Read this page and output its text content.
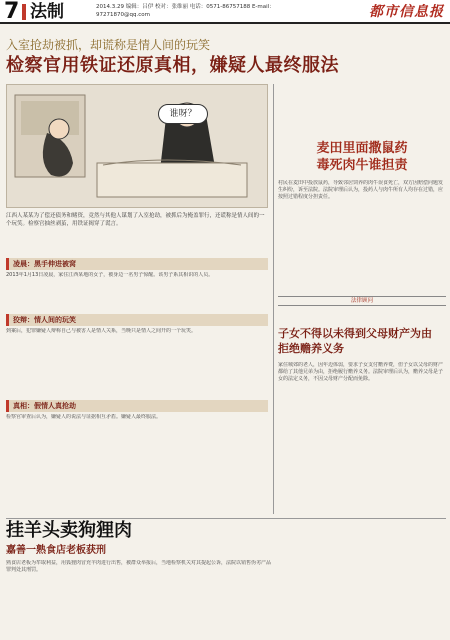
7 法制	2014.3.29 编辑：吕伊 校对：张维丽 电话：0571-86757188 E-mail：97271870@qq.com	都市信息报
入室抢劫被抓，却谎称是情人间的玩笑
检察官用铁证还原真相，嫌疑人最终服法
谁呀？
江西人某某为了偿还债务和赌资，竟然与其他人谋划了入室抢劫，被抓后为掩盖罪行，还谎称是情人间的一个玩笑。检察官抽丝剥茧，用铁证揭穿了谎言。
凌晨：黑手伸进被窝
2013年1月13日凌晨，家住江西某地的女子，被身边一名男子惊醒。该男子系其相识的人员。
狡辩：情人间的玩笑
到案后，犯罪嫌疑人辩称自己与被害人是情人关系，当晚只是情人之间开的一个玩笑。
真相：假情人真抢劫
检察官审查后认为，嫌疑人的说法与证据相互矛盾。嫌疑人最终服法。
麦田里面撒鼠药
毒死肉牛谁担责
村民在麦田中投放鼠药，导致邻居饲养的肉牛误食死亡，双方因赔偿问题发生纠纷，诉至法院。法院审理后认为，投药人与肉牛所有人均存在过错，应按照过错程度分担责任。
法律顾问
子女不得以未得到父母财产为由
拒绝赡养义务
家住城郊的老人，因年迈体弱，要求子女支付赡养费，但子女以父母的财产都给了其他兄弟为由，拒绝履行赡养义务。法院审理后认为，赡养父母是子女的法定义务，不因父母财产分配而免除。
挂羊头卖狗狸肉
嘉善一熟食店老板获刑
熟食店老板为牟取利益，用狐狸肉冒充羊肉进行出售，被群众举报后，当地检察机关对其提起公诉，法院以销售伪劣产品罪判处其刑罚。
